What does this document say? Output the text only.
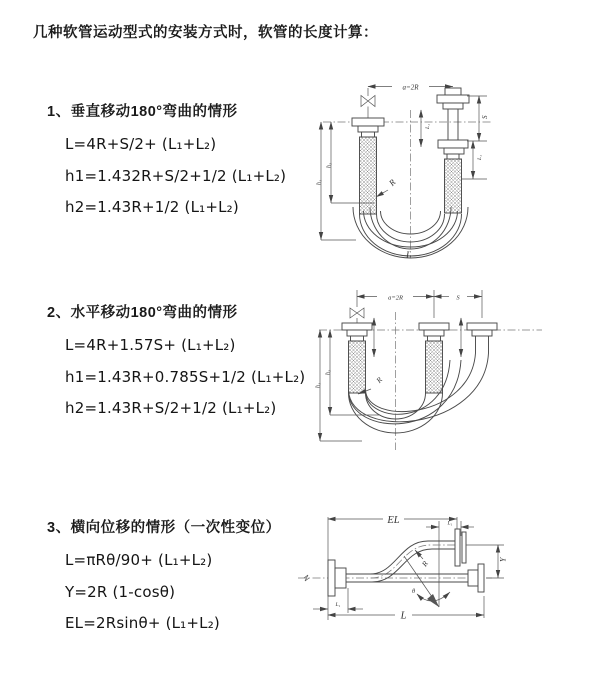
几种软管运动型式的安装方式时，软管的长度计算：
1、垂直移动180°弯曲的情形
L=4R+S/2+ (L₁+L₂)
h1=1.432R+S/2+1/2 (L₁+L₂)
h2=1.43R+1/2 (L₁+L₂)
2、水平移动180°弯曲的情形
L=4R+1.57S+ (L₁+L₂)
h1=1.43R+0.785S+1/2 (L₁+L₂)
h2=1.43R+S/2+1/2 (L₁+L₂)
3、横向位移的情形（一次性变位）
L=πRθ/90+ (L₁+L₂)
Y=2R (1-cosθ)
EL=2Rsinθ+ (L₁+L₂)
a=2R
R
L
h₁
h₂
L₁
S
L₁
a=2R	S
h₁
h₂
R
EL	L₁
Y
L
L₁
θ
R
